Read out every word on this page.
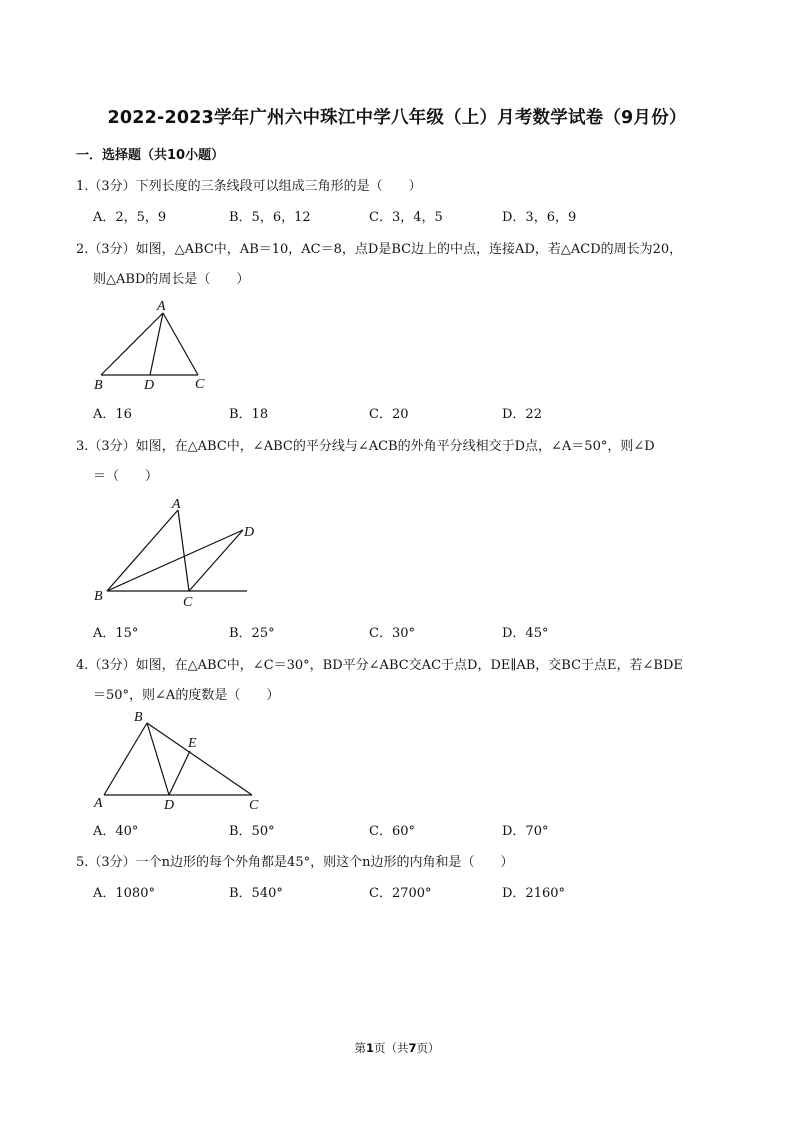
2022-2023学年广州六中珠江中学八年级（上）月考数学试卷（9月份）
一．选择题（共10小题）
1.（3分）下列长度的三条线段可以组成三角形的是（　　）
A．2，5，9	B．5，6，12	C．3，4，5	D．3，6，9
2.（3分）如图，△ABC中，AB＝10，AC＝8，点D是BC边上的中点，连接AD，若△ACD的周长为20，
则△ABD的周长是（　　）
A
B	D	C
A．16	B．18	C．20	D．22
3.（3分）如图，在△ABC中，∠ABC的平分线与∠ACB的外角平分线相交于D点，∠A＝50°，则∠D
＝（　　）
A
D
B	C
A．15°	B．25°	C．30°	D．45°
4.（3分）如图，在△ABC中，∠C＝30°，BD平分∠ABC交AC于点D，DE∥AB，交BC于点E，若∠BDE
＝50°，则∠A的度数是（　　）
B
E
A	D	C
A．40°	B．50°	C．60°	D．70°
5.（3分）一个n边形的每个外角都是45°，则这个n边形的内角和是（　　）
A．1080°	B．540°	C．2700°	D．2160°
第1页（共7页）
